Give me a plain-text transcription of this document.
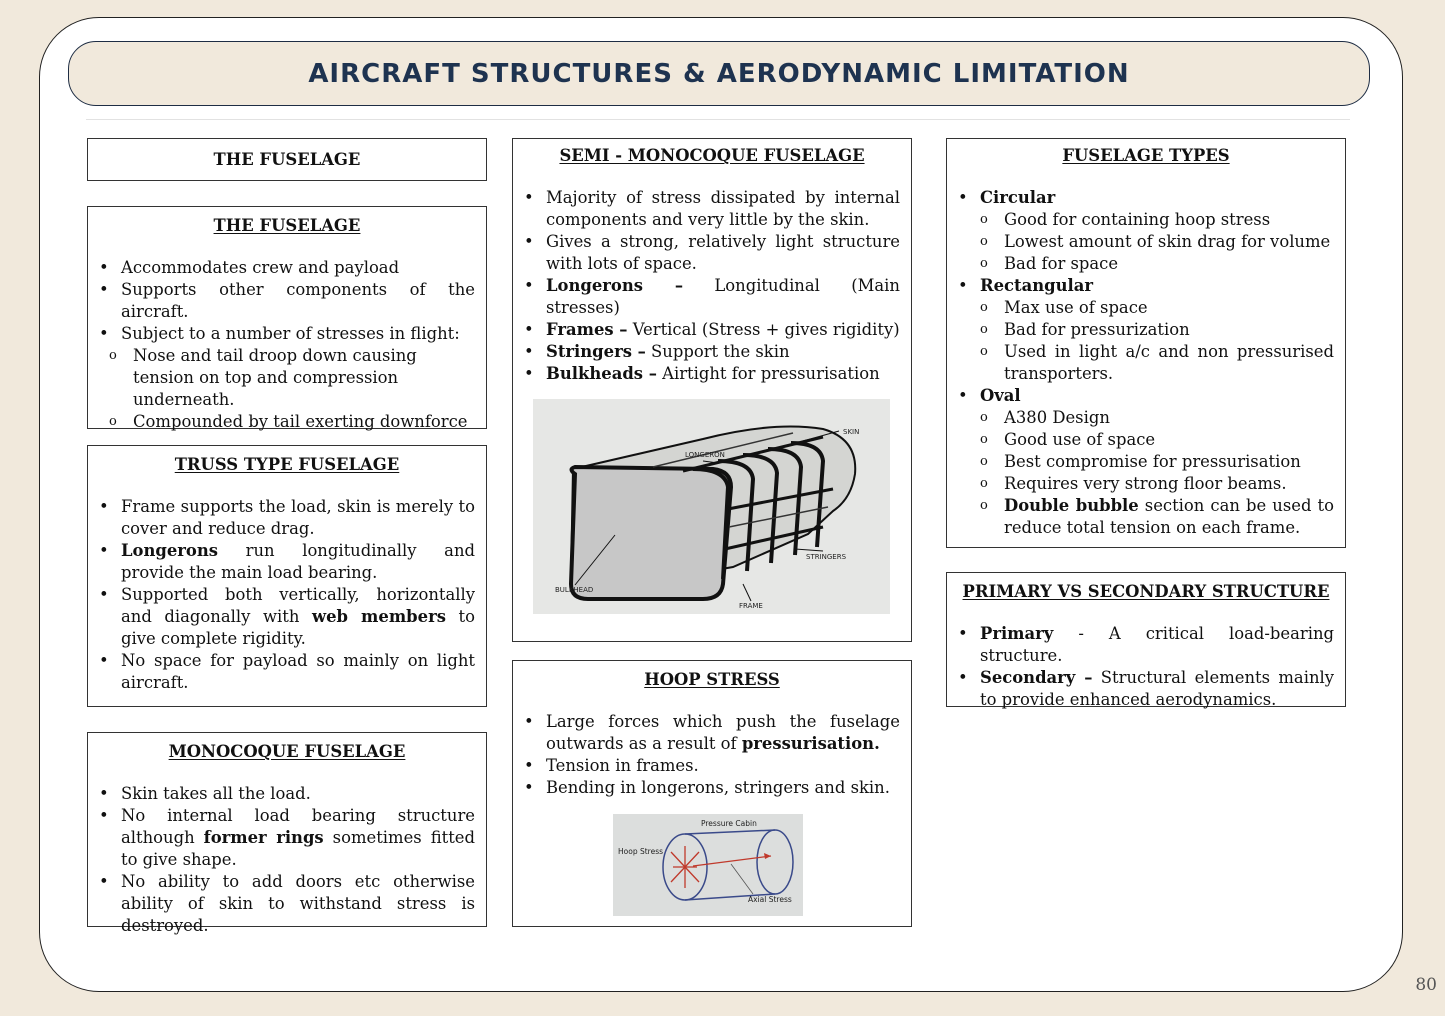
AIRCRAFT STRUCTURES & AERODYNAMIC LIMITATION
THE FUSELAGE
THE FUSELAGE
• Accommodates crew and payload
• Supports other components of the aircraft.
• Subject to a number of stresses in flight:
o Nose and tail droop down causing tension on top and compression underneath.
o Compounded by tail exerting downforce
TRUSS TYPE FUSELAGE
• Frame supports the load, skin is merely to cover and reduce drag.
• Longerons run longitudinally and provide the main load bearing.
• Supported both vertically, horizontally and diagonally with web members to give complete rigidity.
• No space for payload so mainly on light aircraft.
MONOCOQUE FUSELAGE
• Skin takes all the load.
• No internal load bearing structure although former rings sometimes fitted to give shape.
• No ability to add doors etc otherwise ability of skin to withstand stress is destroyed.
SEMI - MONOCOQUE FUSELAGE
• Majority of stress dissipated by internal components and very little by the skin.
• Gives a strong, relatively light structure with lots of space.
• Longerons – Longitudinal (Main stresses)
• Frames – Vertical (Stress + gives rigidity)
• Stringers – Support the skin
• Bulkheads – Airtight for pressurisation
SKIN
LONGERON
STRINGERS
BULKHEAD
FRAME
HOOP STRESS
• Large forces which push the fuselage outwards as a result of pressurisation.
• Tension in frames.
• Bending in longerons, stringers and skin.
Pressure Cabin
Hoop Stress
Axial Stress
FUSELAGE TYPES
• Circular
o Good for containing hoop stress
o Lowest amount of skin drag for volume
o Bad for space
• Rectangular
o Max use of space
o Bad for pressurization
o Used in light a/c and non pressurised transporters.
• Oval
o A380 Design
o Good use of space
o Best compromise for pressurisation
o Requires very strong floor beams.
o Double bubble section can be used to reduce total tension on each frame.
PRIMARY VS SECONDARY STRUCTURE
• Primary - A critical load-bearing structure.
• Secondary – Structural elements mainly to provide enhanced aerodynamics.
80
